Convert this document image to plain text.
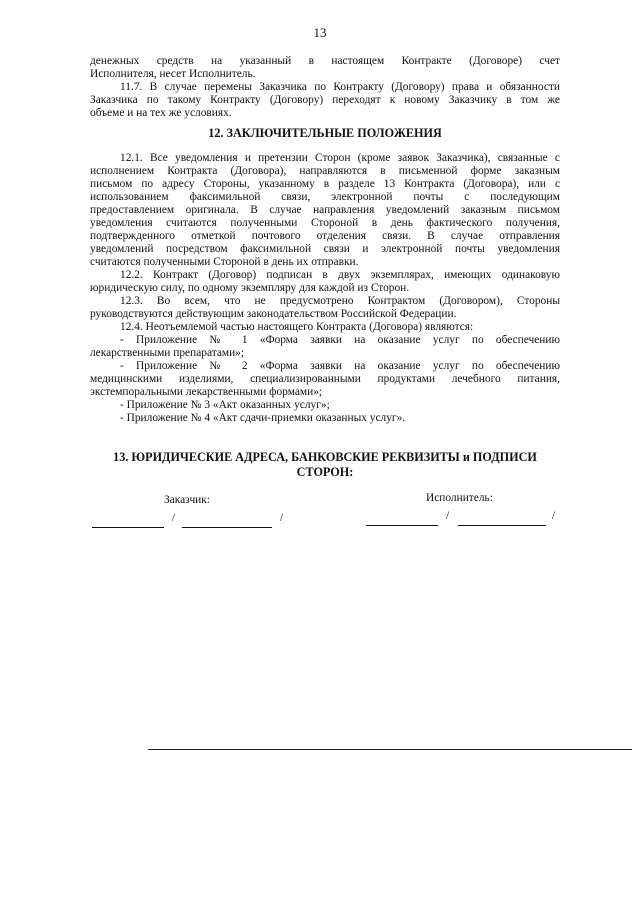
13
денежных средств на указанный в настоящем Контракте (Договоре) счет
Исполнителя, несет Исполнитель.
11.7. В случае перемены Заказчика по Контракту (Договору) права и обязанности
Заказчика по такому Контракту (Договору) переходят к новому Заказчику в том же
объеме и на тех же условиях.
12. ЗАКЛЮЧИТЕЛЬНЫЕ ПОЛОЖЕНИЯ
12.1. Все уведомления и претензии Сторон (кроме заявок Заказчика), связанные с
исполнением Контракта (Договора), направляются в письменной форме заказным
письмом по адресу Стороны, указанному в разделе 13 Контракта (Договора), или с
использованием факсимильной связи, электронной почты с последующим
предоставлением оригинала. В случае направления уведомлений заказным письмом
уведомления считаются полученными Стороной в день фактического получения,
подтвержденного отметкой почтового отделения связи. В случае отправления
уведомлений посредством факсимильной связи и электронной почты уведомления
считаются полученными Стороной в день их отправки.
12.2. Контракт (Договор) подписан в двух экземплярах, имеющих одинаковую
юридическую силу, по одному экземпляру для каждой из Сторон.
12.3. Во всем, что не предусмотрено Контрактом (Договором), Стороны
руководствуются действующим законодательством Российской Федерации.
12.4. Неотъемлемой частью настоящего Контракта (Договора) являются:
- Приложение № 1 «Форма заявки на оказание услуг по обеспечению
лекарственными препаратами»;
- Приложение № 2 «Форма заявки на оказание услуг по обеспечению
медицинскими изделиями, специализированными продуктами лечебного питания,
экстемпоральными лекарственными формами»;
- Приложение № 3 «Акт оказанных услуг»;
- Приложение № 4 «Акт сдачи-приемки оказанных услуг».
13. ЮРИДИЧЕСКИЕ АДРЕСА, БАНКОВСКИЕ РЕКВИЗИТЫ и ПОДПИСИ
СТОРОН:
Заказчик:	Исполнитель:
/	/	/	/
